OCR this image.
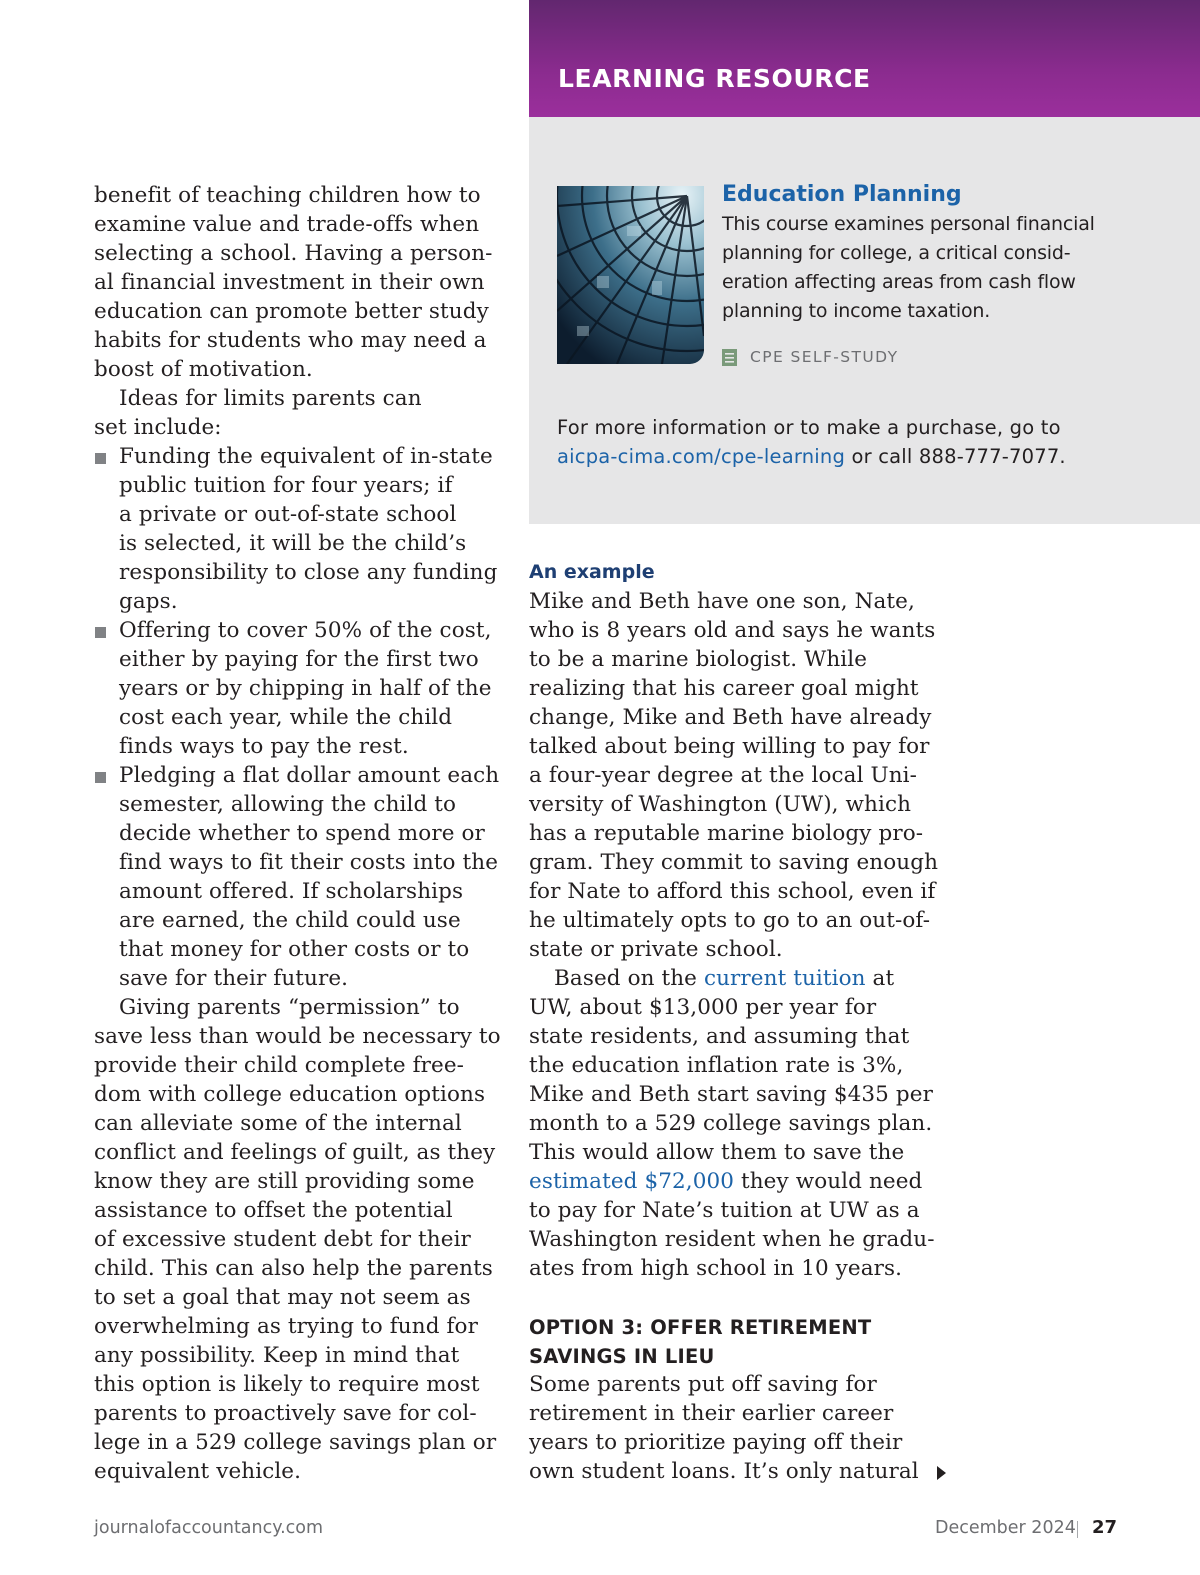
LEARNING RESOURCE
Education Planning
This course examines personal financial
planning for college, a critical consid-
eration affecting areas from cash flow
planning to income taxation.
CPE SELF-STUDY
For more information or to make a purchase, go to
aicpa-cima.com/cpe-learning or call 888-777-7077.
benefit of teaching children how to
examine value and trade-offs when
selecting a school. Having a person-
al financial investment in their own
education can promote better study
habits for students who may need a
boost of motivation.
Ideas for limits parents can
set include:
Funding the equivalent of in-state
public tuition for four years; if
a private or out-of-state school
is selected, it will be the child’s
responsibility to close any funding
gaps.
Offering to cover 50% of the cost,
either by paying for the first two
years or by chipping in half of the
cost each year, while the child
finds ways to pay the rest.
Pledging a flat dollar amount each
semester, allowing the child to
decide whether to spend more or
find ways to fit their costs into the
amount offered. If scholarships
are earned, the child could use
that money for other costs or to
save for their future.
Giving parents “permission” to
save less than would be necessary to
provide their child complete free-
dom with college education options
can alleviate some of the internal
conflict and feelings of guilt, as they
know they are still providing some
assistance to offset the potential
of excessive student debt for their
child. This can also help the parents
to set a goal that may not seem as
overwhelming as trying to fund for
any possibility. Keep in mind that
this option is likely to require most
parents to proactively save for col-
lege in a 529 college savings plan or
equivalent vehicle.
An example
Mike and Beth have one son, Nate,
who is 8 years old and says he wants
to be a marine biologist. While
realizing that his career goal might
change, Mike and Beth have already
talked about being willing to pay for
a four-year degree at the local Uni-
versity of Washington (UW), which
has a reputable marine biology pro-
gram. They commit to saving enough
for Nate to afford this school, even if
he ultimately opts to go to an out-of-
state or private school.
Based on the current tuition at
UW, about $13,000 per year for
state residents, and assuming that
the education inflation rate is 3%,
Mike and Beth start saving $435 per
month to a 529 college savings plan.
This would allow them to save the
estimated $72,000 they would need
to pay for Nate’s tuition at UW as a
Washington resident when he gradu-
ates from high school in 10 years.
Some parents put off saving for
retirement in their earlier career
years to prioritize paying off their
own student loans. It’s only natural
OPTION 3: OFFER RETIREMENT
SAVINGS IN LIEU
journalofaccountancy.com	December 2024 27
